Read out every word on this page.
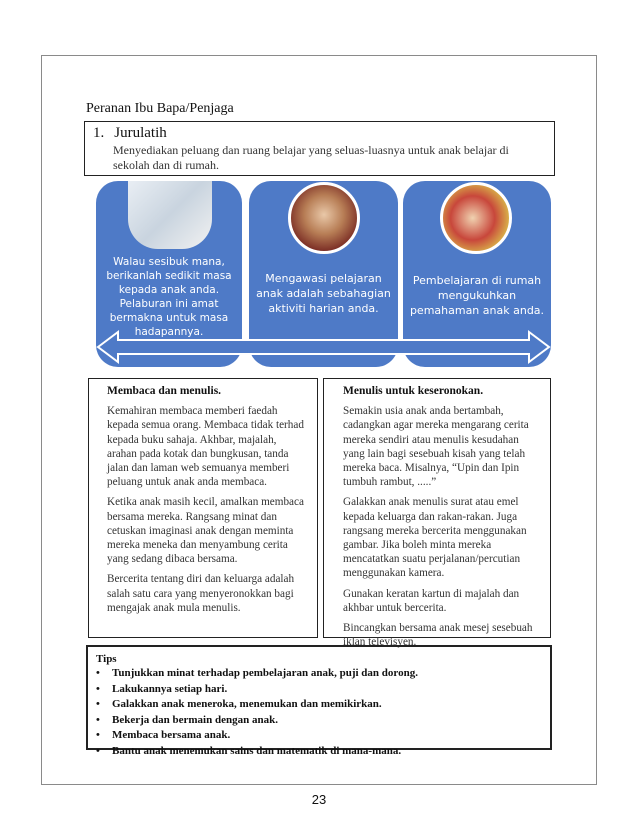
Peranan Ibu Bapa/Penjaga
1. Jurulatih
Menyediakan peluang dan ruang belajar yang seluas-luasnya untuk anak belajar di sekolah dan di rumah.
Walau sesibuk mana, berikanlah sedikit masa kepada anak anda. Pelaburan ini amat bermakna untuk masa hadapannya.
Mengawasi pelajaran anak adalah sebahagian aktiviti harian anda.
Pembelajaran di rumah mengukuhkan pemahaman anak anda.
Membaca dan menulis.

Kemahiran membaca memberi faedah kepada semua orang. Membaca tidak terhad kepada buku sahaja. Akhbar, majalah, arahan pada kotak dan bungkusan, tanda jalan dan laman web semuanya memberi peluang untuk anak anda membaca.

Ketika anak masih kecil, amalkan membaca bersama mereka. Rangsang minat dan cetuskan imaginasi anak dengan meminta mereka meneka dan menyambung cerita yang sedang dibaca bersama.

Bercerita tentang diri dan keluarga adalah salah satu cara yang menyeronokkan bagi mengajak anak mula menulis.

Menulis untuk keseronokan.

Semakin usia anak anda bertambah, cadangkan agar mereka mengarang cerita mereka sendiri atau menulis kesudahan yang lain bagi sesebuah kisah yang telah mereka baca. Misalnya, “Upin dan Ipin tumbuh rambut, .....”

Galakkan anak menulis surat atau emel kepada keluarga dan rakan-rakan. Juga rangsang mereka bercerita menggunakan gambar. Jika boleh minta mereka mencatatkan suatu perjalanan/percutian menggunakan kamera.

Gunakan keratan kartun di majalah dan akhbar untuk bercerita.

Bincangkan bersama anak mesej sesebuah iklan televisyen.

Tips
•	Tunjukkan minat terhadap pembelajaran anak, puji dan dorong.
•	Lakukannya setiap hari.
•	Galakkan anak meneroka, menemukan dan memikirkan.
•	Bekerja dan bermain dengan anak.
•	Membaca bersama anak.
•	Bantu anak menemukan sains dan matematik di mana-mana.
23
